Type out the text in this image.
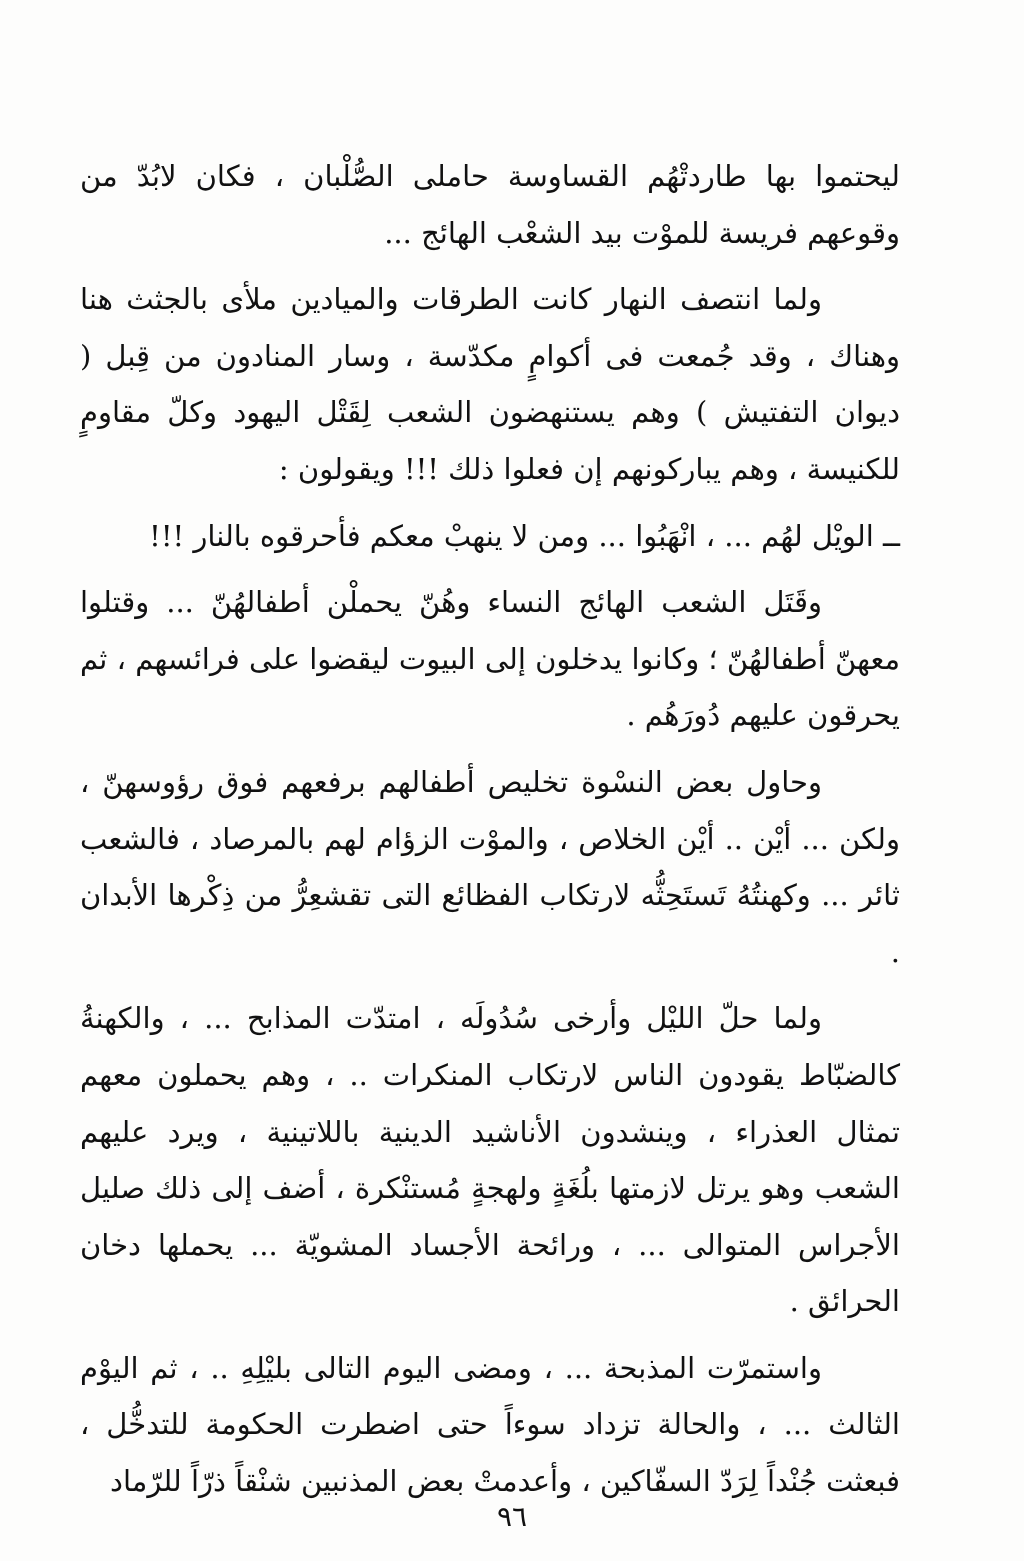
ليحتموا بها طاردتْهُم القساوسة حاملى الصُّلْبان ، فكان لابُدّ من وقوعهم فريسة للموْت بيد الشعْب الهائج ...

ولما انتصف النهار كانت الطرقات والميادين ملأى بالجثث هنا وهناك ، وقد جُمعت فى أكوامٍ مكدّسة ، وسار المنادون من قِبل ( ديوان التفتيش ) وهم يستنهضون الشعب لِقَتْل اليهود وكلّ مقاومٍ للكنيسة ، وهم يباركونهم إن فعلوا ذلك !!! ويقولون :

ــ الويْل لهُم ... ، انْهَبُوا ... ومن لا ينهبْ معكم فأحرقوه بالنار !!!

وقَتَل الشعب الهائج النساء وهُنّ يحملْن أطفالهُنّ ... وقتلوا معهنّ أطفالهُنّ ؛ وكانوا يدخلون إلى البيوت ليقضوا على فرائسهم ، ثم يحرقون عليهم دُورَهُم .

وحاول بعض النسْوة تخليص أطفالهم برفعهم فوق رؤوسهنّ ، ولكن ... أيْن .. أيْن الخلاص ، والموْت الزؤام لهم بالمرصاد ، فالشعب ثائر ... وكهنتُهُ تَستَحِثُّه لارتكاب الفظائع التى تقشعِرُّ من ذِكْرها الأبدان .

ولما حلّ الليْل وأرخى سُدُولَه ، امتدّت المذابح ... ، والكهنةُ كالضبّاط يقودون الناس لارتكاب المنكرات .. ، وهم يحملون معهم تمثال العذراء ، وينشدون الأناشيد الدينية باللاتينية ، ويرد عليهم الشعب وهو يرتل لازمتها بلُغَةٍ ولهجةٍ مُستنْكرة ، أضف إلى ذلك صليل الأجراس المتوالى ... ، ورائحة الأجساد المشويّة ... يحملها دخان الحرائق .

واستمرّت المذبحة ... ، ومضى اليوم التالى بليْلِهِ .. ، ثم اليوْم الثالث ... ، والحالة تزداد سوءاً حتى اضطرت الحكومة للتدخُّل ، فبعثت جُنْداً لِرَدّ السفّاكين ، وأعدمتْ بعض المذنبين شنْقاً ذرّاً للرّماد

٩٦
